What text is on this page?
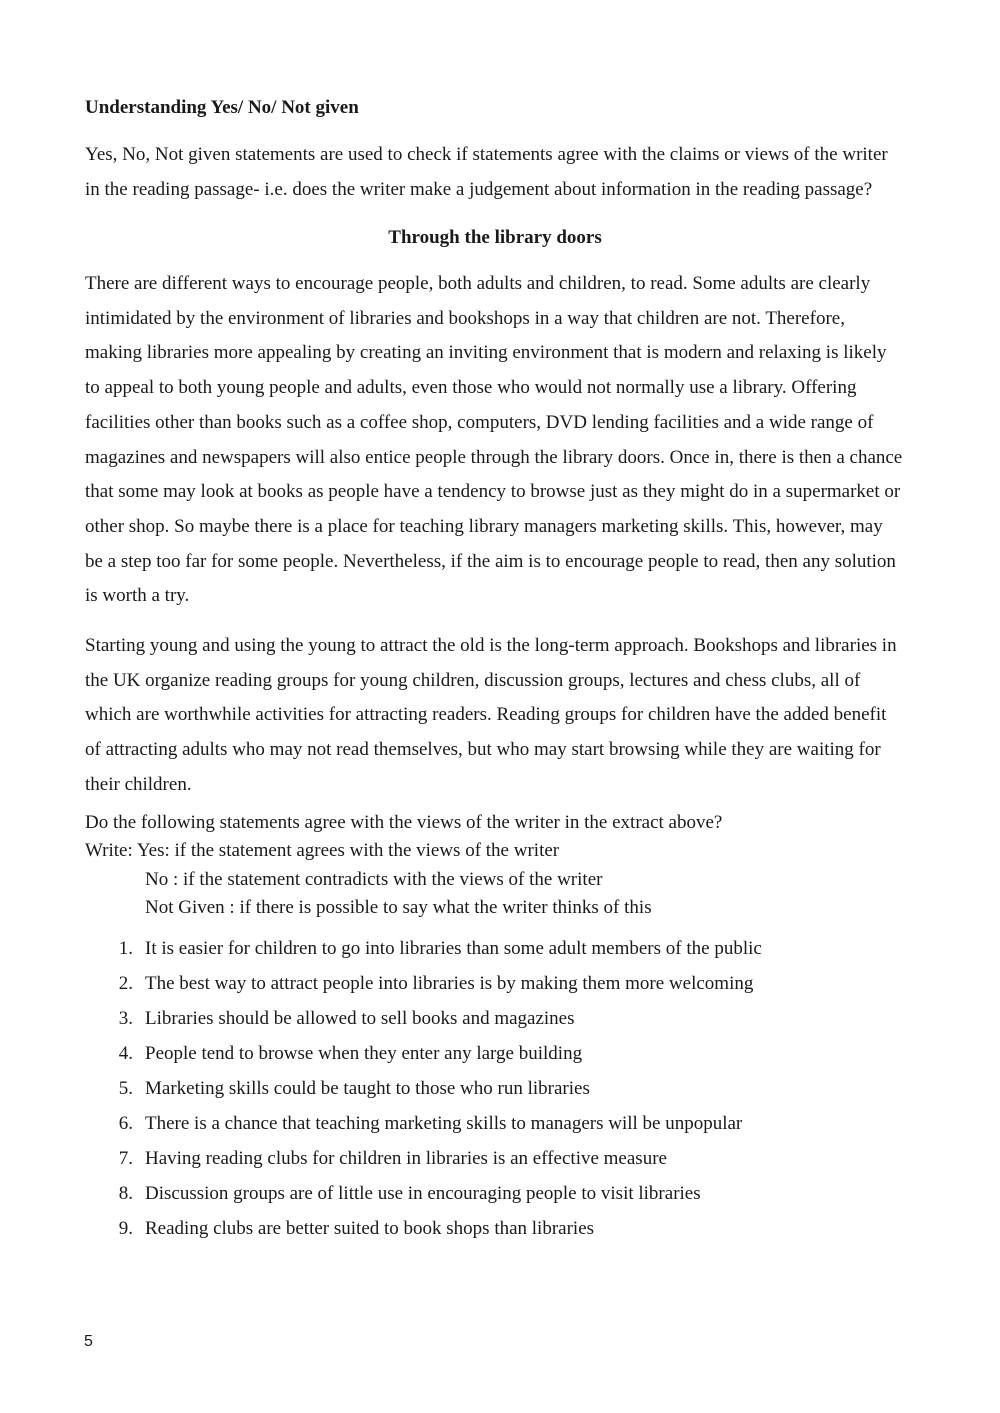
Understanding Yes/ No/ Not given
Yes, No, Not given statements are used to check if statements agree with the claims or views of the writer in the reading passage- i.e. does the writer make a judgement about information in the reading passage?
Through the library doors
There are different ways to encourage people, both adults and children, to read. Some adults are clearly intimidated by the environment of libraries and bookshops in a way that children are not. Therefore, making libraries more appealing by creating an inviting environment that is modern and relaxing is likely to appeal to both young people and adults, even those who would not normally use a library. Offering facilities other than books such as a coffee shop, computers, DVD lending facilities and a wide range of magazines and newspapers will also entice people through the library doors. Once in, there is then a chance that some may look at books as people have a tendency to browse just as they might do in a supermarket or other shop. So maybe there is a place for teaching library managers marketing skills. This, however, may be a step too far for some people. Nevertheless, if the aim is to encourage people to read, then any solution is worth a try.
Starting young and using the young to attract the old is the long-term approach. Bookshops and libraries in the UK organize reading groups for young children, discussion groups, lectures and chess clubs, all of which are worthwhile activities for attracting readers. Reading groups for children have the added benefit of attracting adults who may not read themselves, but who may start browsing while they are waiting for their children.
Do the following statements agree with the views of the writer in the extract above?
Write: Yes: if the statement agrees with the views of the writer
No : if the statement contradicts with the views of the writer
Not Given : if there is possible to say what the writer thinks of this
1. It is easier for children to go into libraries than some adult members of the public
2. The best way to attract people into libraries is by making them more welcoming
3. Libraries should be allowed to sell books and magazines
4. People tend to browse when they enter any large building
5. Marketing skills could be taught to those who run libraries
6. There is a chance that teaching marketing skills to managers will be unpopular
7. Having reading clubs for children in libraries is an effective measure
8. Discussion groups are of little use in encouraging people to visit libraries
9. Reading clubs are better suited to book shops than libraries
5
